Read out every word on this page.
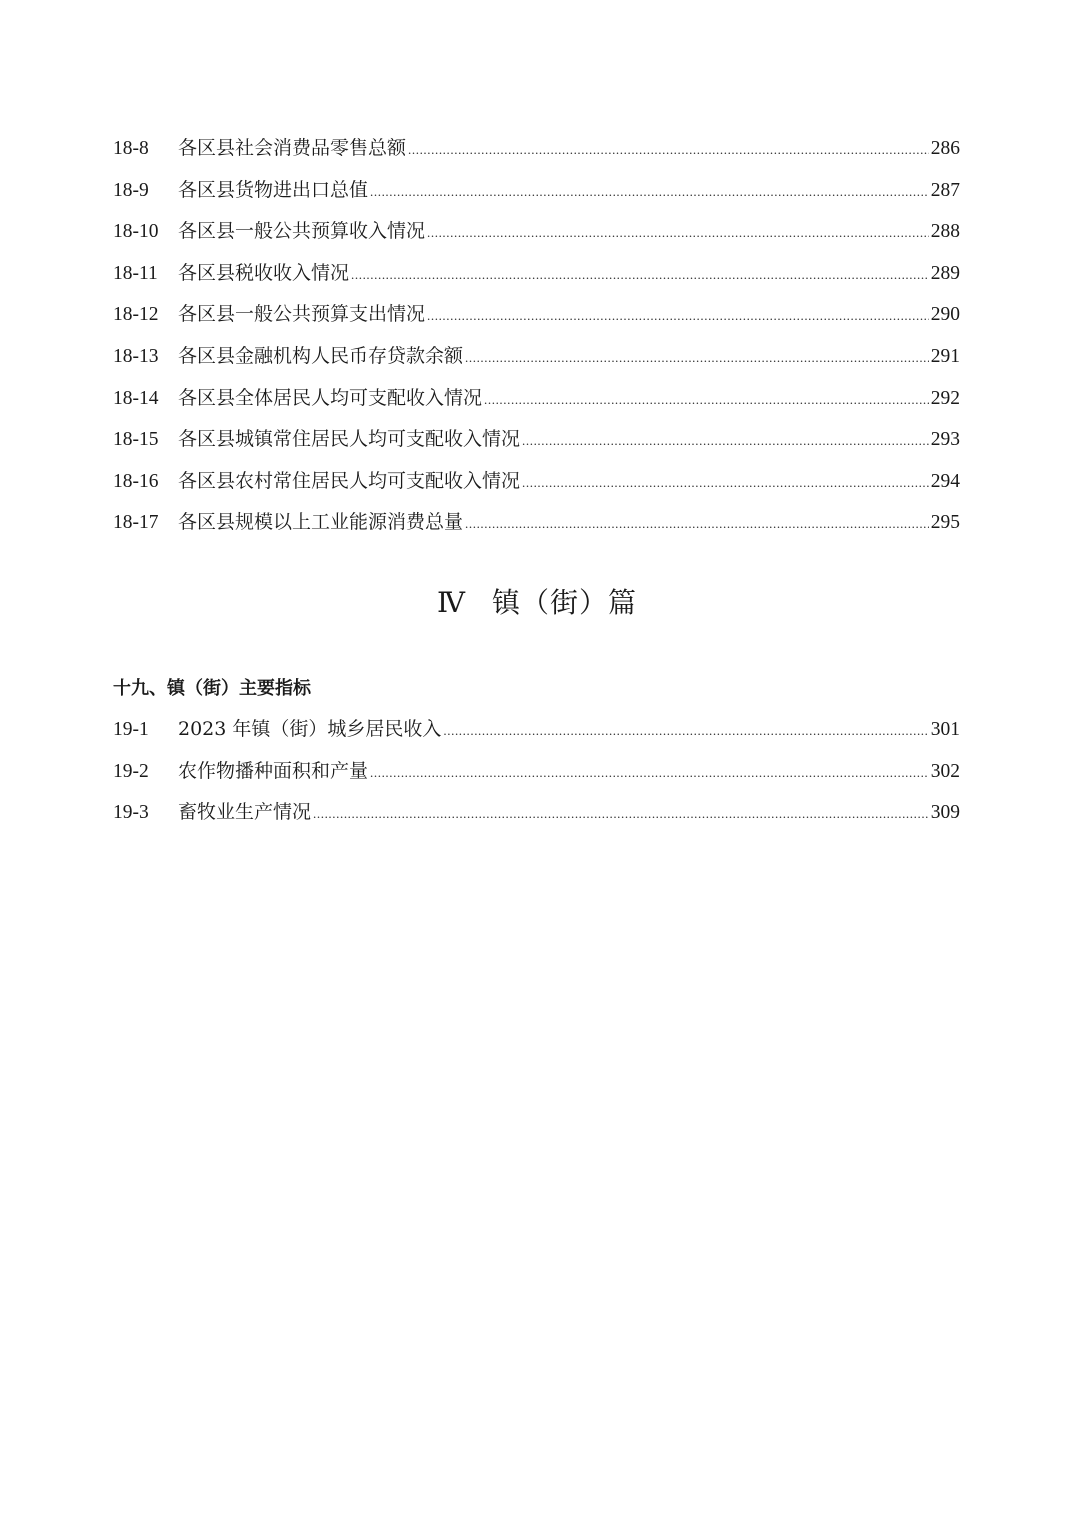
18-8	各区县社会消费品零售总额 .....	286
18-9	各区县货物进出口总值 .....	287
18-10	各区县一般公共预算收入情况 .....	288
18-11	各区县税收收入情况 .....	289
18-12	各区县一般公共预算支出情况 .....	290
18-13	各区县金融机构人民币存贷款余额 .....	291
18-14	各区县全体居民人均可支配收入情况 .....	292
18-15	各区县城镇常住居民人均可支配收入情况 .....	293
18-16	各区县农村常住居民人均可支配收入情况 .....	294
18-17	各区县规模以上工业能源消费总量 .....	295
Ⅳ 镇（街）篇
十九、镇（街）主要指标
19-1	2023 年镇（街）城乡居民收入 .....	301
19-2	农作物播种面积和产量 .....	302
19-3	畜牧业生产情况 .....	309
